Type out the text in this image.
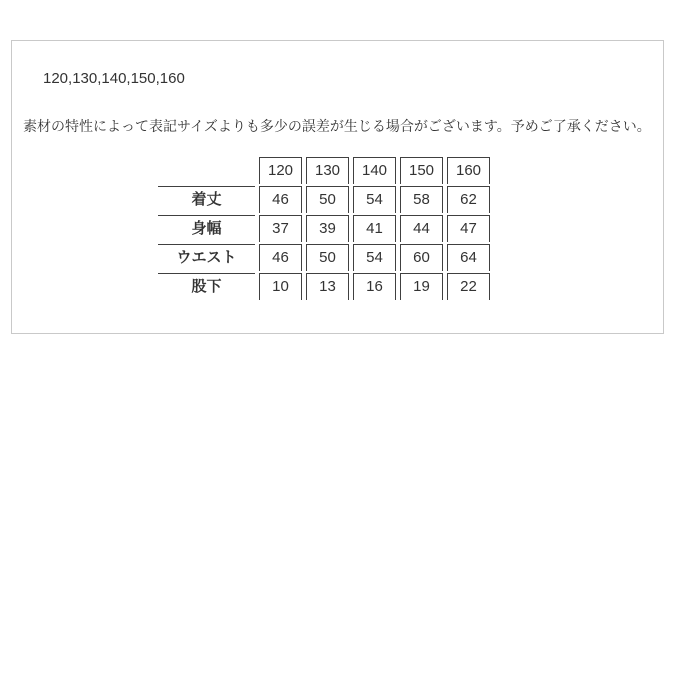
120,130,140,150,160
素材の特性によって表記サイズよりも多少の誤差が生じる場合がございます。予めご了承ください。
	120	130	140	150	160
着丈	46	50	54	58	62
身幅	37	39	41	44	47
ウエスト	46	50	54	60	64
股下	10	13	16	19	22
